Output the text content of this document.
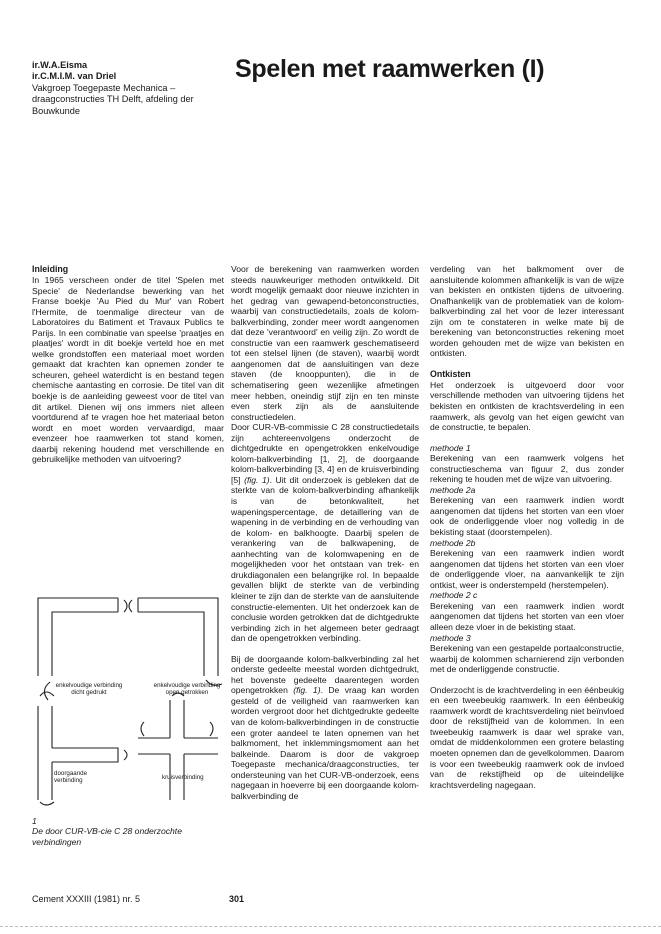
ir.W.A.Eisma
ir.C.M.I.M. van Driel
Vakgroep Toegepaste Mechanica – draagconstructies TH Delft, afdeling der Bouwkunde
Spelen met raamwerken (I)
Inleiding

In 1965 verscheen onder de titel 'Spelen met Specie' de Nederlandse bewerking van het Franse boekje 'Au Pied du Mur' van Robert l'Hermite, de toenmalige directeur van de Laboratoires du Batiment et Travaux Publics te Parijs. In een combinatie van speelse 'praatjes en plaatjes' wordt in dit boekje verteld hoe en met welke grondstoffen een materiaal moet worden gemaakt dat krachten kan opnemen zonder te scheuren, geheel waterdicht is en bestand tegen chemische aantasting en corrosie. De titel van dit boekje is de aanleiding geweest voor de titel van dit artikel. Dienen wij ons immers niet alleen voortdurend af te vragen hoe het materiaal beton wordt en moet worden vervaardigd, maar evenzeer hoe raamwerken tot stand komen, daarbij rekening houdend met verschillende en gebruikelijke methoden van uitvoering?

enkelvoudige verbinding dicht gedrukt
enkelvoudige verbinding open getrokken
doorgaande verbinding	kruisverbinding
1
De door CUR-VB-cie C 28 onderzochte verbindingen

Voor de berekening van raamwerken worden steeds nauwkeuriger methoden ontwikkeld. Dit wordt mogelijk gemaakt door nieuwe inzichten in het gedrag van gewapend-betonconstructies, waarbij van constructiedetails, zoals de kolom-balkverbinding, zonder meer wordt aangenomen dat deze 'verantwoord' en veilig zijn. Zo wordt de constructie van een raamwerk geschematiseerd tot een stelsel lijnen (de staven), waarbij wordt aangenomen dat de aansluitingen van deze staven (de knooppunten), die in de schematisering geen wezenlijke afmetingen meer hebben, oneindig stijf zijn en ten minste even sterk zijn als de aansluitende constructiedelen.

Door CUR-VB-commissie C 28 constructiedetails zijn achtereenvolgens onderzocht de dichtgedrukte en opengetrokken enkelvoudige kolom-balkverbinding [1, 2], de doorgaande kolom-balkverbinding [3, 4] en de kruisverbinding [5] (fig. 1). Uit dit onderzoek is gebleken dat de sterkte van de kolom-balkverbinding afhankelijk is van de betonkwaliteit, het wapeningspercentage, de detaillering van de wapening in de verbinding en de verhouding van de kolom- en balkhoogte. Daarbij spelen de verankering van de balkwapening, de aanhechting van de kolomwapening en de mogelijkheden voor het ontstaan van trek- en drukdiagonalen een belangrijke rol. In bepaalde gevallen blijkt de sterkte van de verbinding kleiner te zijn dan de sterkte van de aansluitende constructie-elementen. Uit het onderzoek kan de conclusie worden getrokken dat de dichtgedrukte verbinding zich in het algemeen beter gedraagt dan de opengetrokken verbinding.

Bij de doorgaande kolom-balkverbinding zal het onderste gedeelte meestal worden dichtgedrukt, het bovenste gedeelte daarentegen worden opengetrokken (fig. 1). De vraag kan worden gesteld of de veiligheid van raamwerken kan worden vergroot door het dichtgedrukte gedeelte van de kolom-balkverbindingen in de constructie een groter aandeel te laten opnemen van het balkmoment, het inklemmingsmoment aan het balkeinde. Daarom is door de vakgroep Toegepaste mechanica/draagconstructies, ter ondersteuning van het CUR-VB-onderzoek, eens nagegaan in hoeverre bij een doorgaande kolom-balkverbinding de

verdeling van het balkmoment over de aansluitende kolommen afhankelijk is van de wijze van bekisten en ontkisten tijdens de uitvoering. Onafhankelijk van de problematiek van de kolom-balkverbinding zal het voor de lezer interessant zijn om te constateren in welke mate bij de berekening van betonconstructies rekening moet worden gehouden met de wijze van bekisten en ontkisten.

Ontkisten

Het onderzoek is uitgevoerd door voor verschillende methoden van uitvoering tijdens het bekisten en ontkisten de krachtsverdeling in een raamwerk, als gevolg van het eigen gewicht van de constructie, te bepalen.

methode 1

Berekening van een raamwerk volgens het constructieschema van figuur 2, dus zonder rekening te houden met de wijze van uitvoering.

methode 2a

Berekening van een raamwerk indien wordt aangenomen dat tijdens het storten van een vloer ook de onderliggende vloer nog volledig in de bekisting staat (doorstempelen).

methode 2b

Berekening van een raamwerk indien wordt aangenomen dat tijdens het storten van een vloer de onderliggende vloer, na aanvankelijk te zijn ontkist, weer is onderstempeld (herstempelen).

methode 2 c

Berekening van een raamwerk indien wordt aangenomen dat tijdens het storten van een vloer alleen deze vloer in de bekisting staat.

methode 3

Berekening van een gestapelde portaalconstructie, waarbij de kolommen scharnierend zijn verbonden met de onderliggende constructie.

Onderzocht is de krachtverdeling in een éénbeukig en een tweebeukig raamwerk. In een éénbeukig raamwerk wordt de krachtsverdeling niet beïnvloed door de rekstijfheid van de kolommen. In een tweebeukig raamwerk is daar wel sprake van, omdat de middenkolommen een grotere belasting moeten opnemen dan de gevelkolommen. Daarom is voor een tweebeukig raamwerk ook de invloed van de rekstijfheid op de uiteindelijke krachtsverdeling nagegaan.

Cement XXXIII (1981) nr. 5	301
